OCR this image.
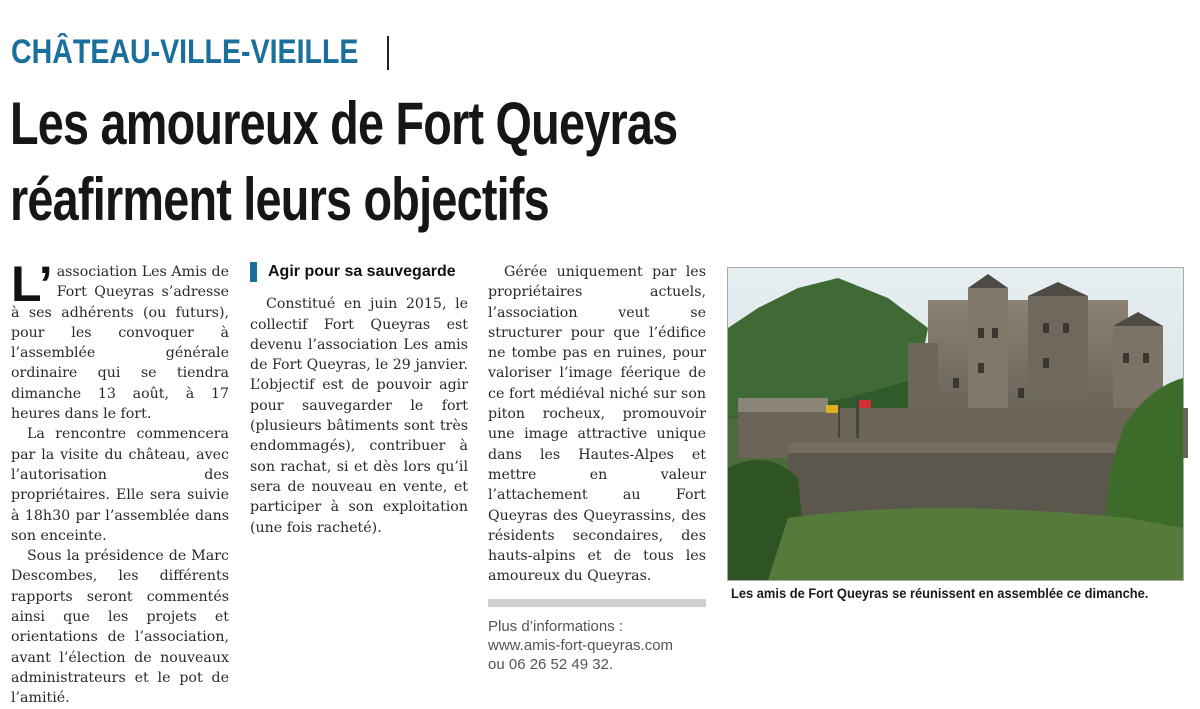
CHÂTEAU-VILLE-VIEILLE
Les amoureux de Fort Queyras
réafirment leurs objectifs

L’ association Les Amis de Fort Queyras s’adresse à ses adhérents (ou futurs), pour les convoquer à l’assemblée générale ordinaire qui se tiendra dimanche 13 août, à 17 heures dans le fort.

La rencontre commencera par la visite du château, avec l’autorisation des propriétaires. Elle sera suivie à 18h30 par l’assemblée dans son enceinte.

Sous la présidence de Marc Descombes, les différents rapports seront commentés ainsi que les projets et orientations de l’association, avant l’élection de nouveaux administrateurs et le pot de l’amitié.

Agir pour sa sauvegarde

Constitué en juin 2015, le collectif Fort Queyras est devenu l’association Les amis de Fort Queyras, le 29 janvier. L’objectif est de pouvoir agir pour sauvegarder le fort (plusieurs bâtiments sont très endommagés), contribuer à son rachat, si et dès lors qu’il sera de nouveau en vente, et participer à son exploitation (une fois racheté).

Gérée uniquement par les propriétaires actuels, l’association veut se structurer pour que l’édifice ne tombe pas en ruines, pour valoriser l’image féerique de ce fort médiéval niché sur son piton rocheux, promouvoir une image attractive unique dans les Hautes-Alpes et mettre en valeur l’attachement au Fort Queyras des Queyrassins, des résidents secondaires, des hauts-alpins et de tous les amoureux du Queyras.

Plus d’informations :
www.amis-fort-queyras.com
ou 06 26 52 49 32.
Les amis de Fort Queyras se réunissent en assemblée ce dimanche.
